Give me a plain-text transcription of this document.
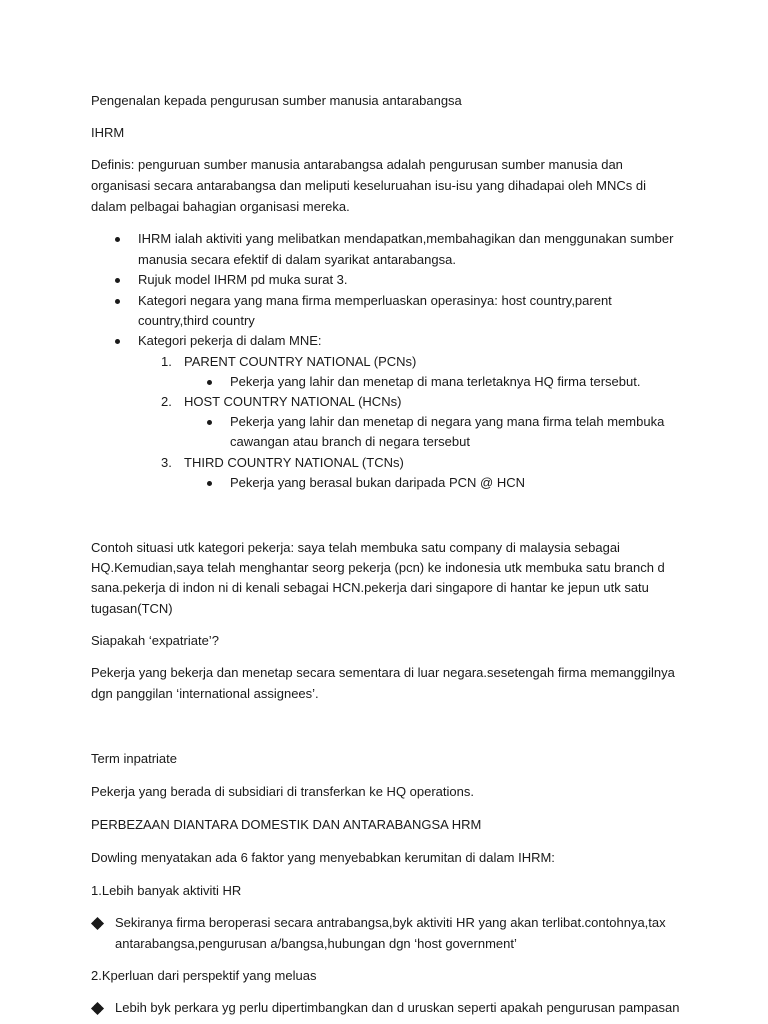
Pengenalan kepada pengurusan sumber manusia antarabangsa
IHRM
Definis: penguruan sumber manusia antarabangsa adalah pengurusan sumber manusia dan
organisasi secara antarabangsa dan meliputi keseluruahan isu-isu yang dihadapai oleh MNCs di
dalam pelbagai bahagian organisasi mereka.
IHRM ialah aktiviti yang melibatkan mendapatkan,membahagikan dan menggunakan sumber
manusia secara efektif di dalam syarikat antarabangsa.
Rujuk model IHRM pd muka surat 3.
Kategori negara yang mana firma memperluaskan operasinya: host country,parent
country,third country
Kategori pekerja di dalam MNE:
1. PARENT COUNTRY NATIONAL (PCNs)
Pekerja yang lahir dan menetap di mana terletaknya HQ firma tersebut.
2. HOST COUNTRY NATIONAL (HCNs)
Pekerja yang lahir dan menetap di negara yang mana firma telah membuka
cawangan atau branch di negara tersebut
3. THIRD COUNTRY NATIONAL (TCNs)
Pekerja yang berasal bukan daripada PCN @ HCN
Contoh situasi utk kategori pekerja: saya telah membuka satu company di malaysia sebagai
HQ.Kemudian,saya telah menghantar seorg pekerja (pcn) ke indonesia utk membuka satu branch d
sana.pekerja di indon ni di kenali sebagai HCN.pekerja dari singapore di hantar ke jepun utk satu
tugasan(TCN)
Siapakah ‘expatriate’?
Pekerja yang bekerja dan menetap secara sementara di luar negara.sesetengah firma memanggilnya
dgn panggilan ‘international assignees’.
Term inpatriate
Pekerja yang berada di subsidiari di transferkan ke HQ operations.
PERBEZAAN DIANTARA DOMESTIK DAN ANTARABANGSA HRM
Dowling menyatakan ada 6 faktor yang menyebabkan kerumitan di dalam IHRM:
1.Lebih banyak aktiviti HR
Sekiranya firma beroperasi secara antrabangsa,byk aktiviti HR yang akan terlibat.contohnya,tax
antarabangsa,pengurusan a/bangsa,hubungan dgn ‘host government’
2.Kperluan dari perspektif yang meluas
Lebih byk perkara yg perlu dipertimbangkan dan d uruskan seperti apakah pengurusan pampasan
